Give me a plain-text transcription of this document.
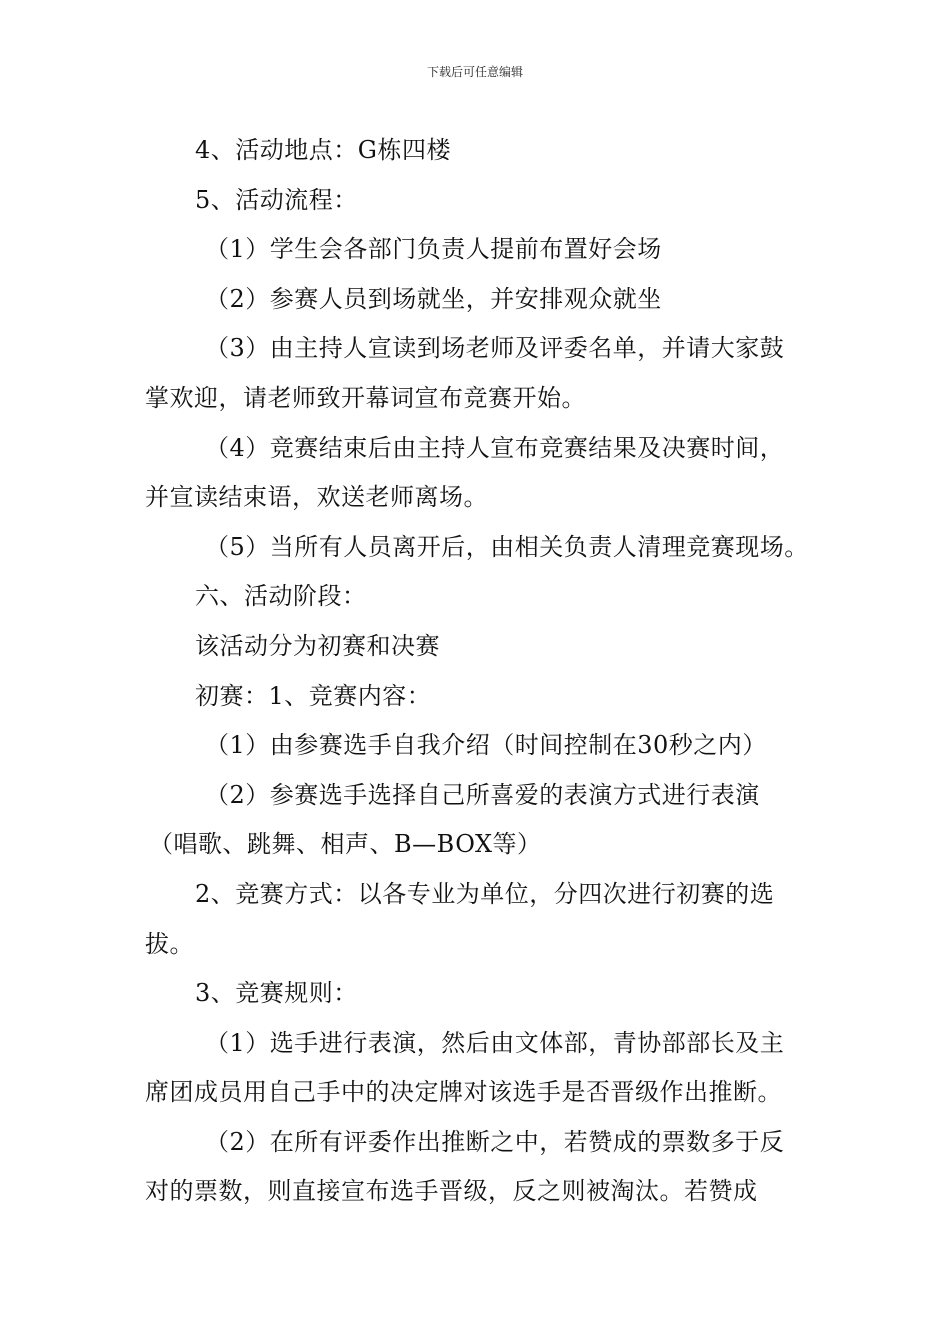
下载后可任意编辑
4、活动地点：G栋四楼
5、活动流程：
（1）学生会各部门负责人提前布置好会场
（2）参赛人员到场就坐，并安排观众就坐
（3）由主持人宣读到场老师及评委名单，并请大家鼓
掌欢迎，请老师致开幕词宣布竞赛开始。
（4）竞赛结束后由主持人宣布竞赛结果及决赛时间，
并宣读结束语，欢送老师离场。
（5）当所有人员离开后，由相关负责人清理竞赛现场。
六、活动阶段：
该活动分为初赛和决赛
初赛：1、竞赛内容：
（1）由参赛选手自我介绍（时间控制在30秒之内）
（2）参赛选手选择自己所喜爱的表演方式进行表演
（唱歌、跳舞、相声、B—BOX等）
2、竞赛方式：以各专业为单位，分四次进行初赛的选
拔。
3、竞赛规则：
（1）选手进行表演，然后由文体部，青协部部长及主
席团成员用自己手中的决定牌对该选手是否晋级作出推断。
（2）在所有评委作出推断之中，若赞成的票数多于反
对的票数，则直接宣布选手晋级，反之则被淘汰。若赞成
